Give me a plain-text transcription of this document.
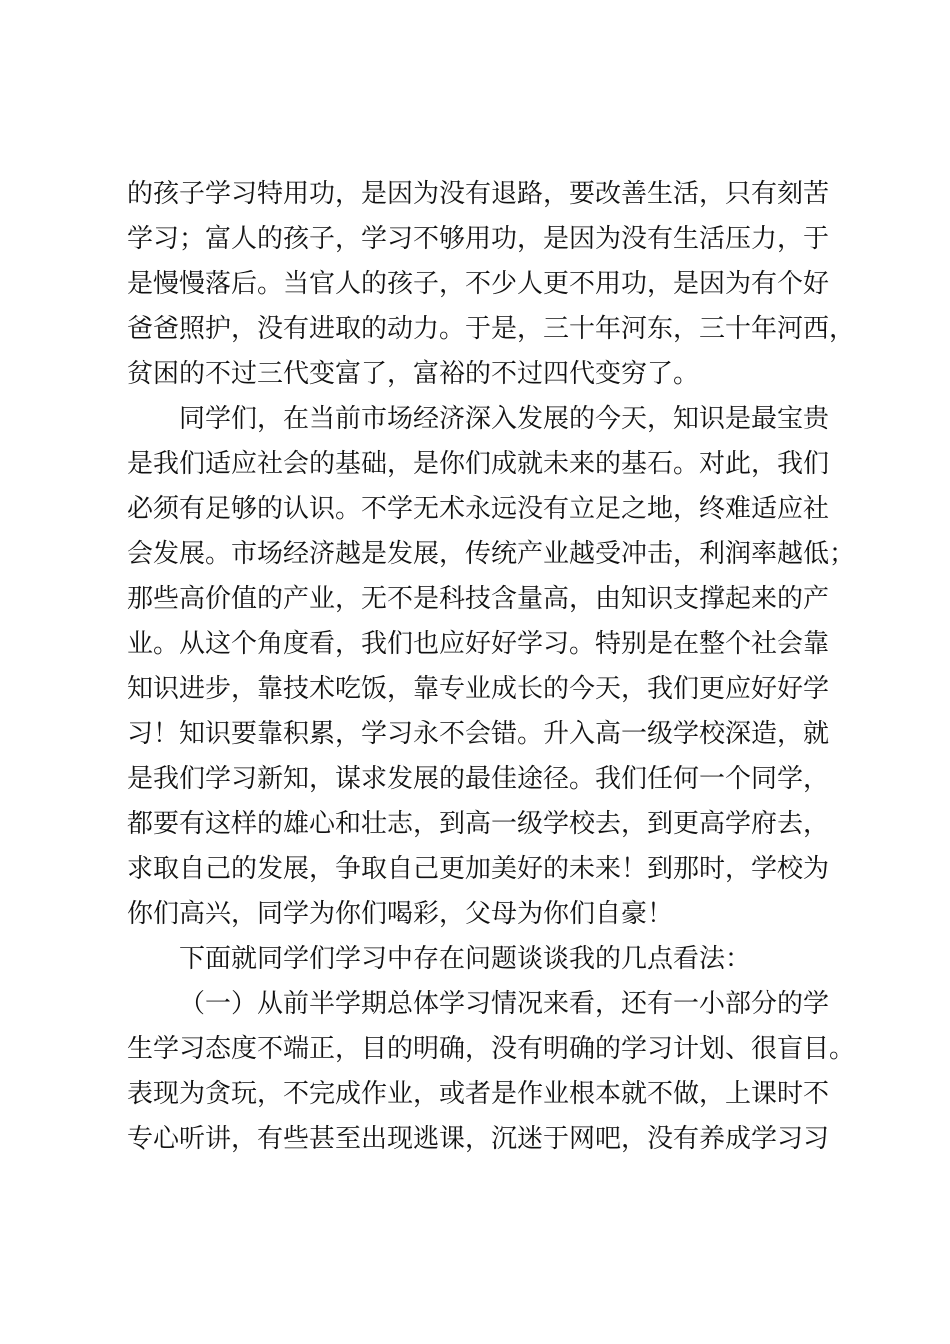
的孩子学习特用功，是因为没有退路，要改善生活，只有刻苦
学习；富人的孩子，学习不够用功，是因为没有生活压力，于
是慢慢落后。当官人的孩子，不少人更不用功，是因为有个好
爸爸照护，没有进取的动力。于是，三十年河东，三十年河西，
贫困的不过三代变富了，富裕的不过四代变穷了。
同学们，在当前市场经济深入发展的今天，知识是最宝贵
是我们适应社会的基础，是你们成就未来的基石。对此，我们
必须有足够的认识。不学无术永远没有立足之地，终难适应社
会发展。市场经济越是发展，传统产业越受冲击，利润率越低；
那些高价值的产业，无不是科技含量高，由知识支撑起来的产
业。从这个角度看，我们也应好好学习。特别是在整个社会靠
知识进步，靠技术吃饭，靠专业成长的今天，我们更应好好学
习！知识要靠积累，学习永不会错。升入高一级学校深造，就
是我们学习新知，谋求发展的最佳途径。我们任何一个同学，
都要有这样的雄心和壮志，到高一级学校去，到更高学府去，
求取自己的发展，争取自己更加美好的未来！到那时，学校为
你们高兴，同学为你们喝彩，父母为你们自豪！
下面就同学们学习中存在问题谈谈我的几点看法：
（一）从前半学期总体学习情况来看，还有一小部分的学
生学习态度不端正，目的明确，没有明确的学习计划、很盲目。
表现为贪玩，不完成作业，或者是作业根本就不做，上课时不
专心听讲，有些甚至出现逃课，沉迷于网吧，没有养成学习习
